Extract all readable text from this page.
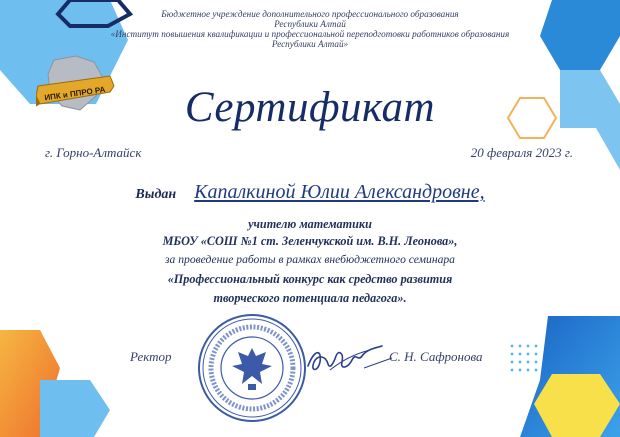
ИПК и ППРО РА
Бюджетное учреждение дополнительного профессионального образования
Республики Алтай
«Институт повышения квалификации и профессиональной переподготовки работников образования
Республики Алтай»
Сертификат
г. Горно-Алтайск	20 февраля 2023 г.
Выдан Капалкиной Юлии Александровне,
учителю математики
МБОУ «СОШ №1 ст. Зеленчукской им. В.Н. Леонова»,
за проведение работы в рамках внебюджетного семинара
«Профессиональный конкурс как средство развития
творческого потенциала педагога».
Ректор	С. Н. Сафронова
